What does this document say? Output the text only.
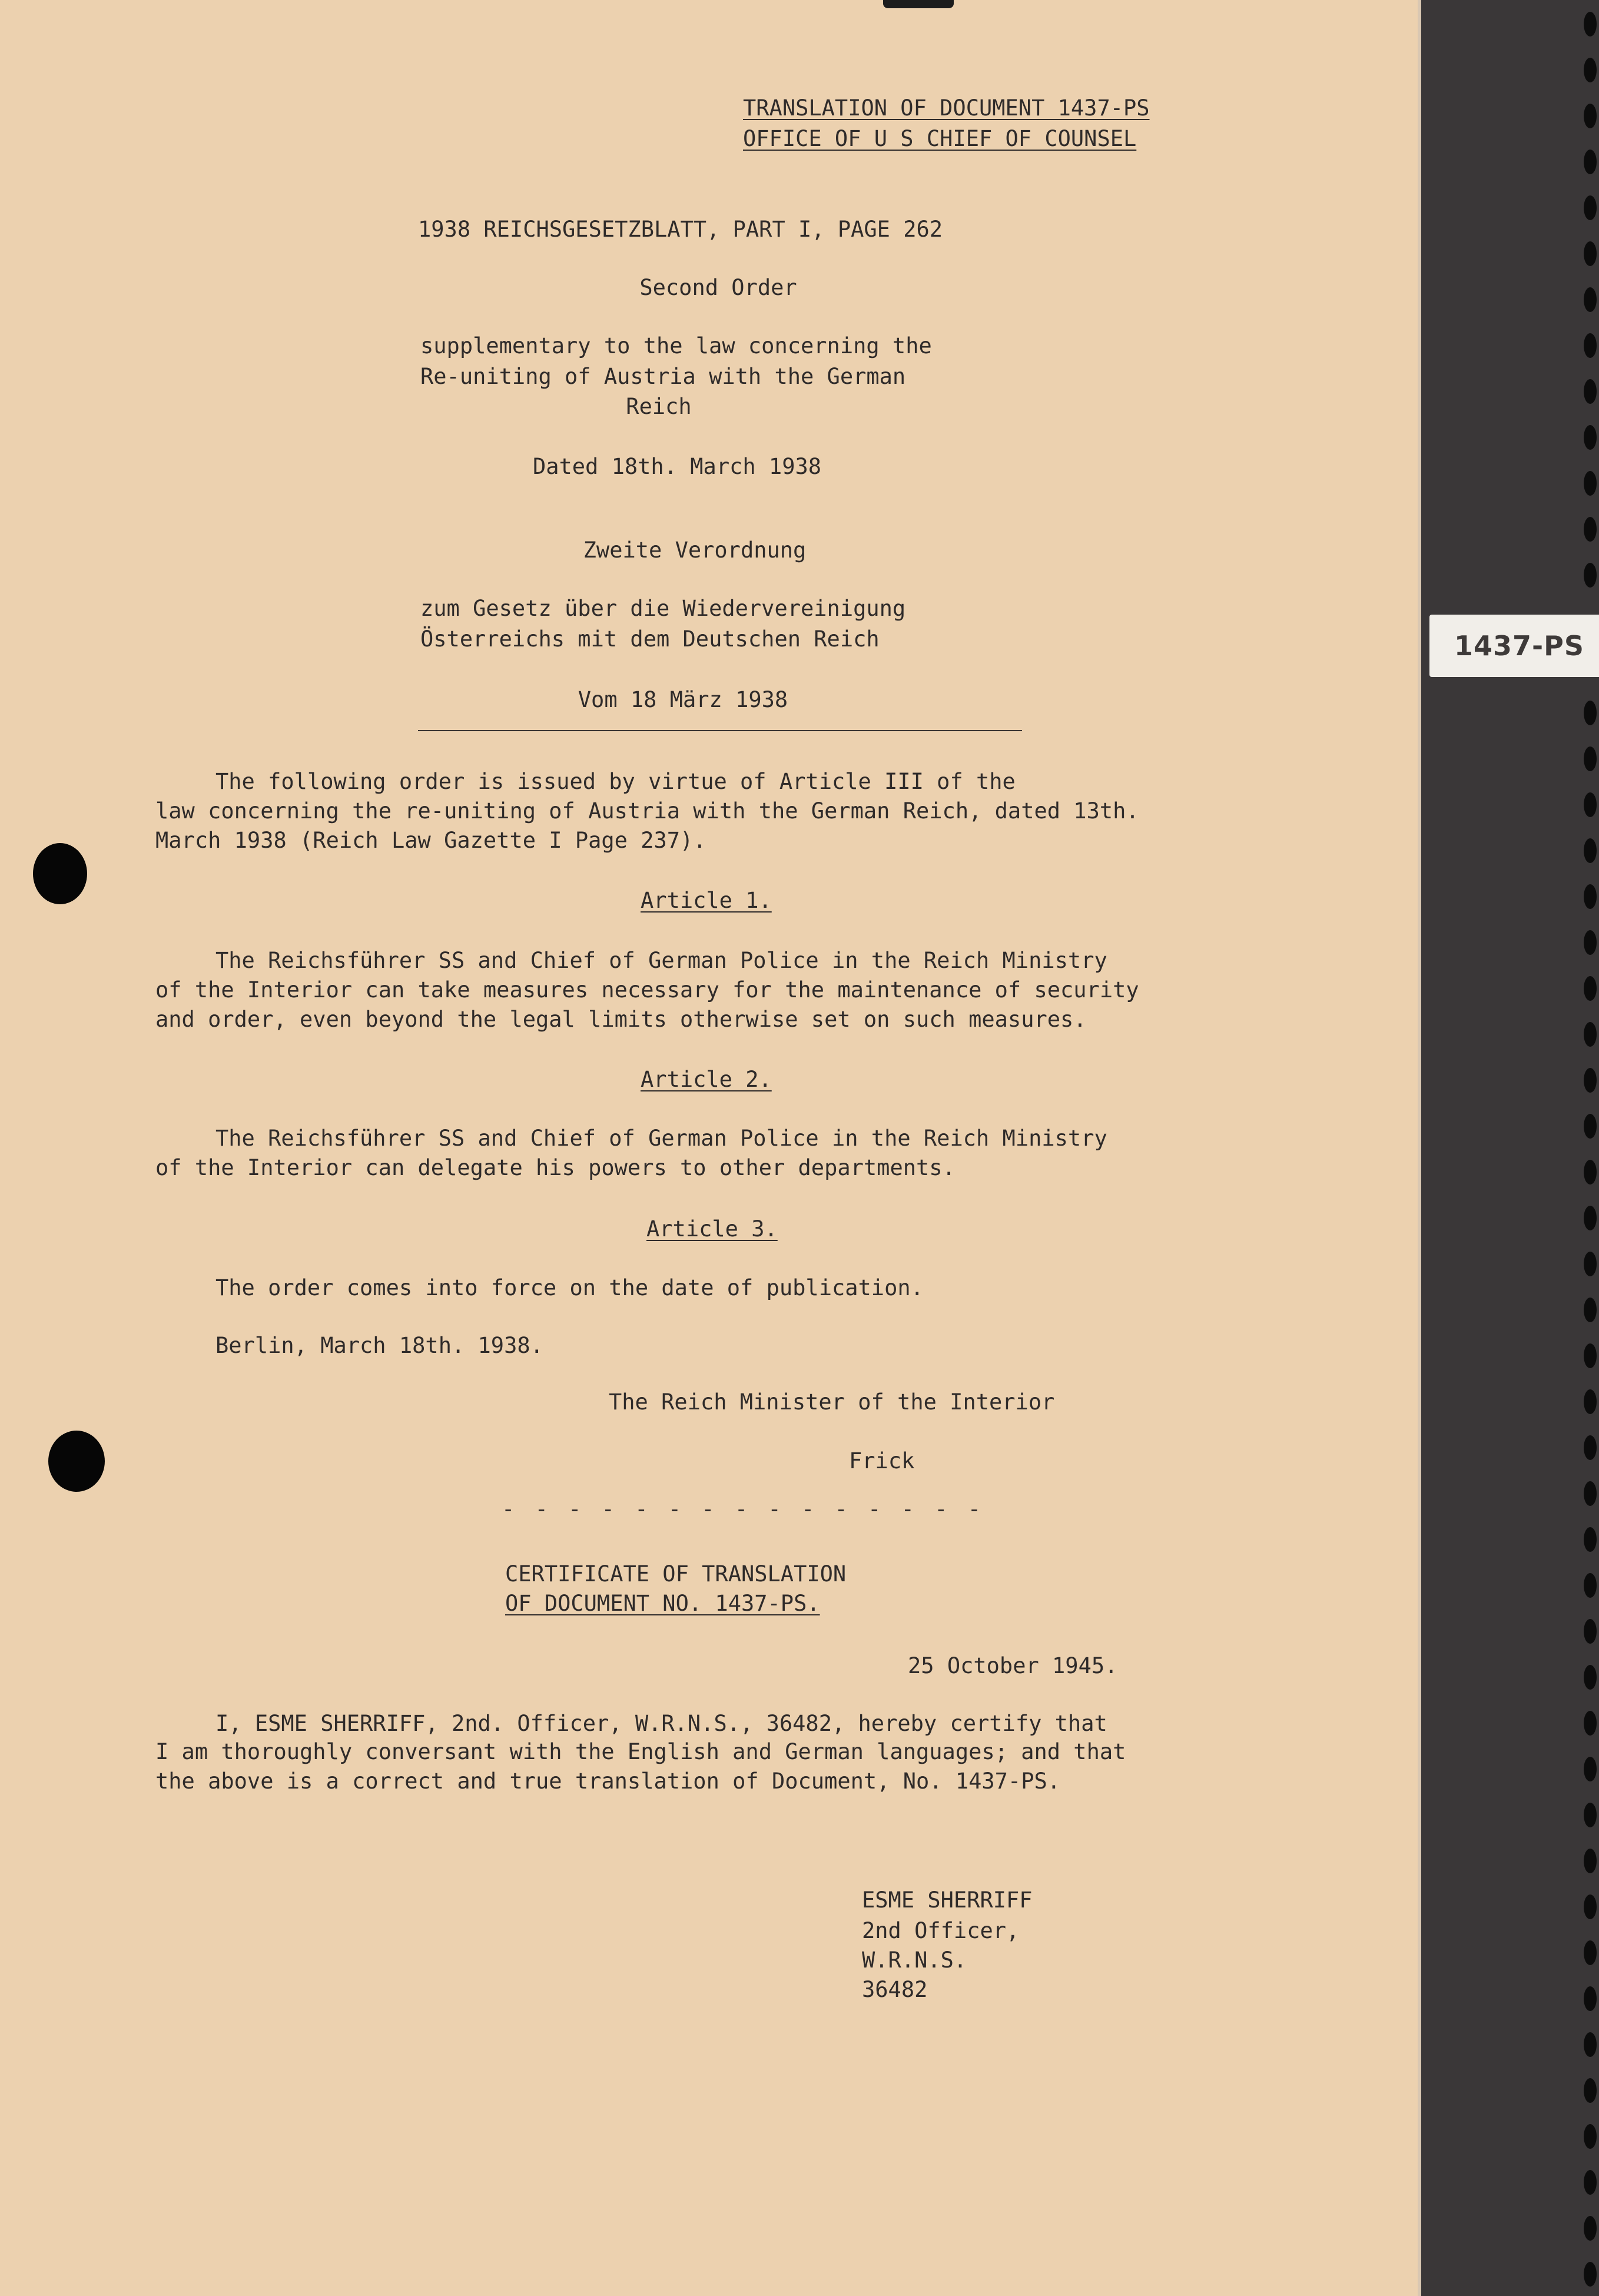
1437-PS
TRANSLATION OF DOCUMENT 1437-PS
OFFICE OF U S CHIEF OF COUNSEL
1938 REICHSGESETZBLATT, PART I, PAGE 262
Second Order
supplementary to the law concerning the
Re-uniting of Austria with the German
Reich
Dated 18th. March 1938
Zweite Verordnung
zum Gesetz über die Wiedervereinigung
Österreichs mit dem Deutschen Reich
Vom 18 März 1938
The following order is issued by virtue of Article III of the
law concerning the re-uniting of Austria with the German Reich, dated 13th.
March 1938 (Reich Law Gazette I Page 237).
Article 1.
The Reichsführer SS and Chief of German Police in the Reich Ministry
of the Interior can take measures necessary for the maintenance of security
and order, even beyond the legal limits otherwise set on such measures.
Article 2.
The Reichsführer SS and Chief of German Police in the Reich Ministry
of the Interior can delegate his powers to other departments.
Article 3.
The order comes into force on the date of publication.
Berlin, March 18th. 1938.
The Reich Minister of the Interior
Frick
- - - - - - - - - - - - - - -
CERTIFICATE OF TRANSLATION
OF DOCUMENT NO. 1437-PS.
25 October 1945.
I, ESME SHERRIFF, 2nd. Officer, W.R.N.S., 36482, hereby certify that
I am thoroughly conversant with the English and German languages; and that
the above is a correct and true translation of Document, No. 1437-PS.
ESME SHERRIFF
2nd Officer,
W.R.N.S.
36482
